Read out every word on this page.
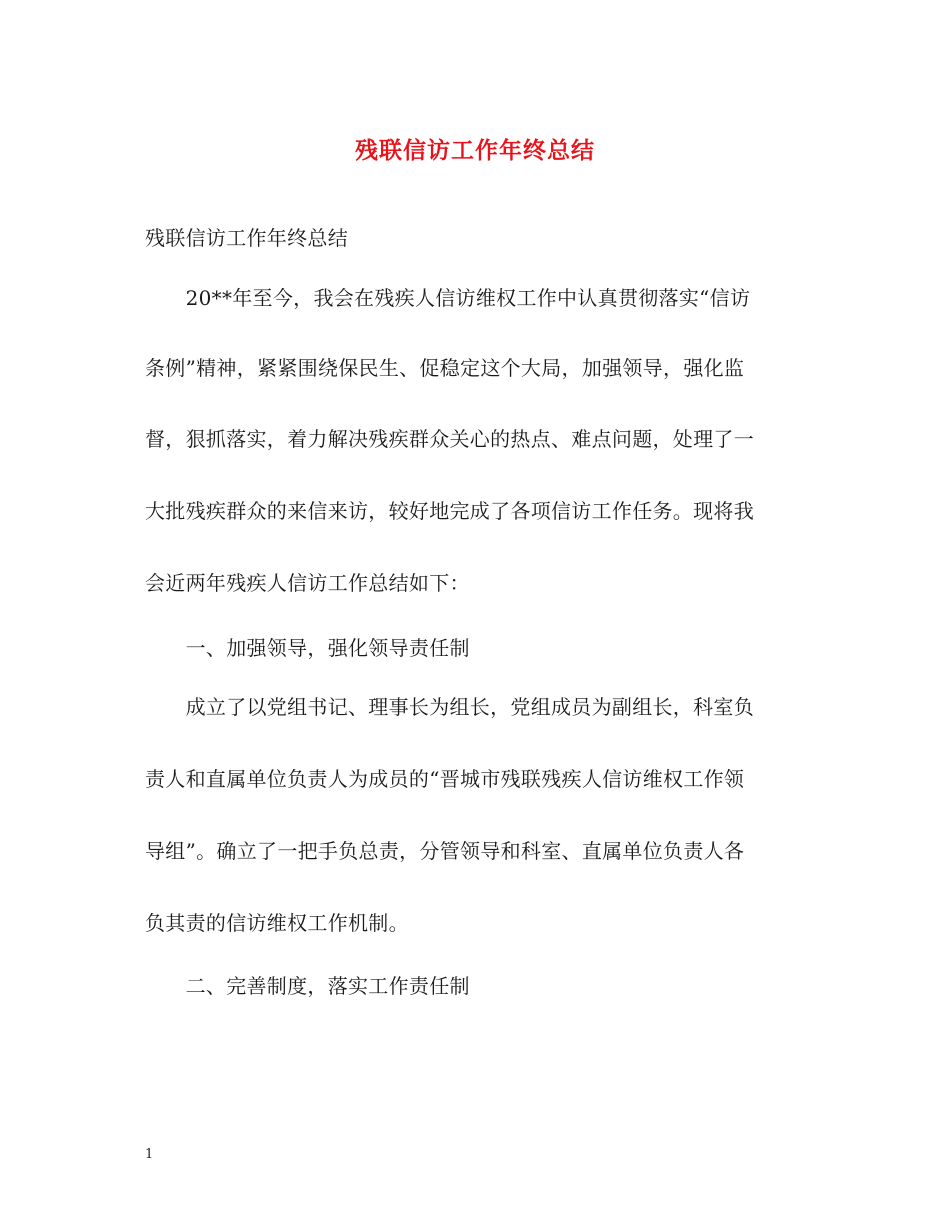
残联信访工作年终总结

残联信访工作年终总结

　　20**年至今，我会在残疾人信访维权工作中认真贯彻落实“信访

条例”精神，紧紧围绕保民生、促稳定这个大局，加强领导，强化监

督，狠抓落实，着力解决残疾群众关心的热点、难点问题，处理了一

大批残疾群众的来信来访，较好地完成了各项信访工作任务。现将我

会近两年残疾人信访工作总结如下：

　　一、加强领导，强化领导责任制

　　成立了以党组书记、理事长为组长，党组成员为副组长，科室负

责人和直属单位负责人为成员的“晋城市残联残疾人信访维权工作领

导组”。确立了一把手负总责，分管领导和科室、直属单位负责人各

负其责的信访维权工作机制。

　　二、完善制度，落实工作责任制

1
